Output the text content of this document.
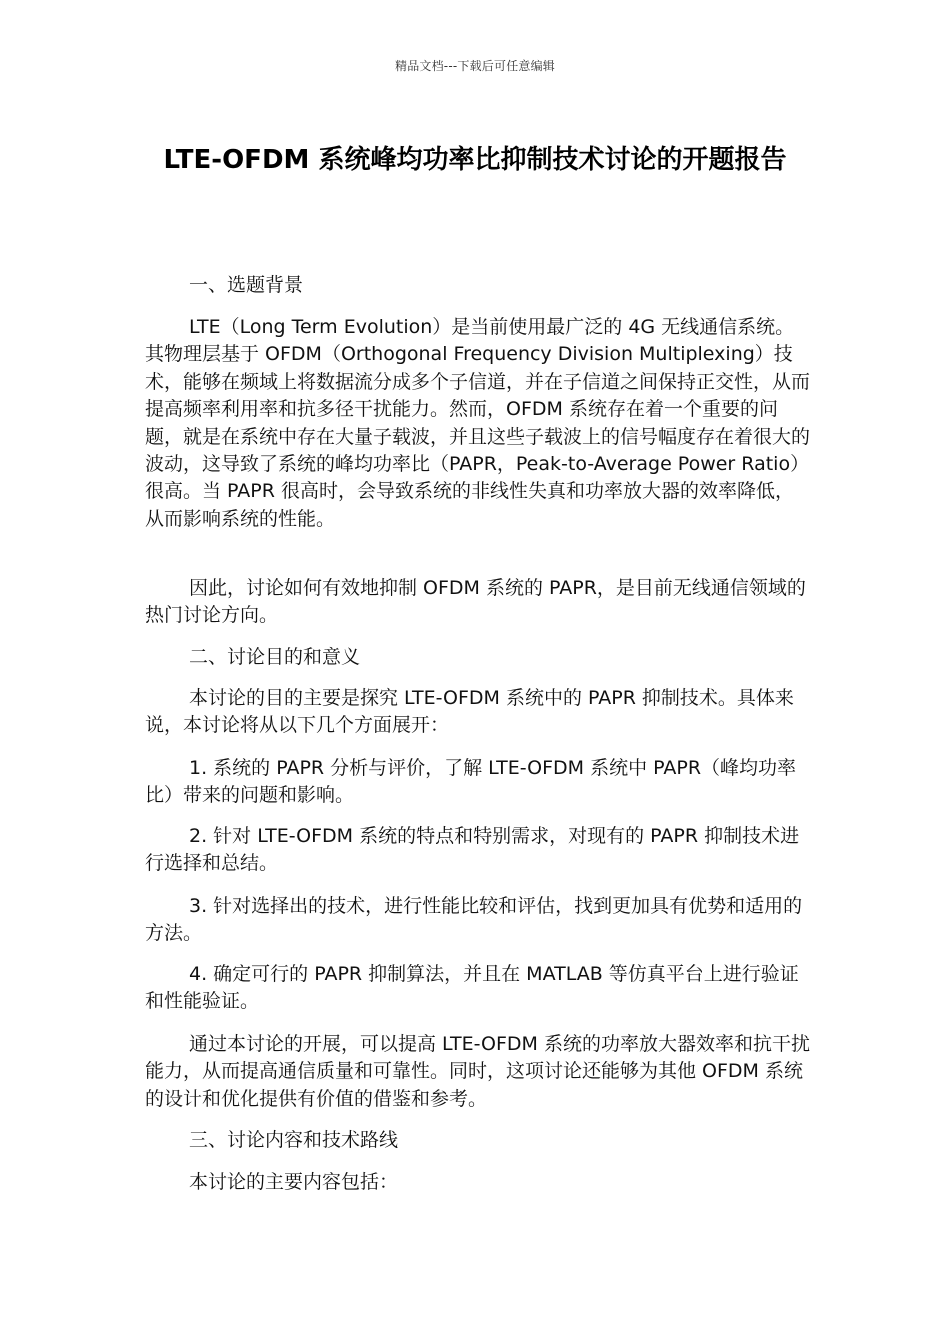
精品文档---下载后可任意编辑
LTE-OFDM 系统峰均功率比抑制技术讨论的开题报告

一、选题背景

LTE（Long Term Evolution）是当前使用最广泛的 4G 无线通信系统。其物理层基于 OFDM（Orthogonal Frequency Division Multiplexing）技术，能够在频域上将数据流分成多个子信道，并在子信道之间保持正交性，从而提高频率利用率和抗多径干扰能力。然而，OFDM 系统存在着一个重要的问题，就是在系统中存在大量子载波，并且这些子载波上的信号幅度存在着很大的波动，这导致了系统的峰均功率比（PAPR，Peak-to-Average Power Ratio）很高。当 PAPR 很高时，会导致系统的非线性失真和功率放大器的效率降低，从而影响系统的性能。

因此，讨论如何有效地抑制 OFDM 系统的 PAPR，是目前无线通信领域的热门讨论方向。

二、讨论目的和意义

本讨论的目的主要是探究 LTE-OFDM 系统中的 PAPR 抑制技术。具体来说，本讨论将从以下几个方面展开：

1. 系统的 PAPR 分析与评价，了解 LTE-OFDM 系统中 PAPR（峰均功率比）带来的问题和影响。

2. 针对 LTE-OFDM 系统的特点和特别需求，对现有的 PAPR 抑制技术进行选择和总结。

3. 针对选择出的技术，进行性能比较和评估，找到更加具有优势和适用的方法。

4. 确定可行的 PAPR 抑制算法，并且在 MATLAB 等仿真平台上进行验证和性能验证。

通过本讨论的开展，可以提高 LTE-OFDM 系统的功率放大器效率和抗干扰能力，从而提高通信质量和可靠性。同时，这项讨论还能够为其他 OFDM 系统的设计和优化提供有价值的借鉴和参考。

三、讨论内容和技术路线

本讨论的主要内容包括：
